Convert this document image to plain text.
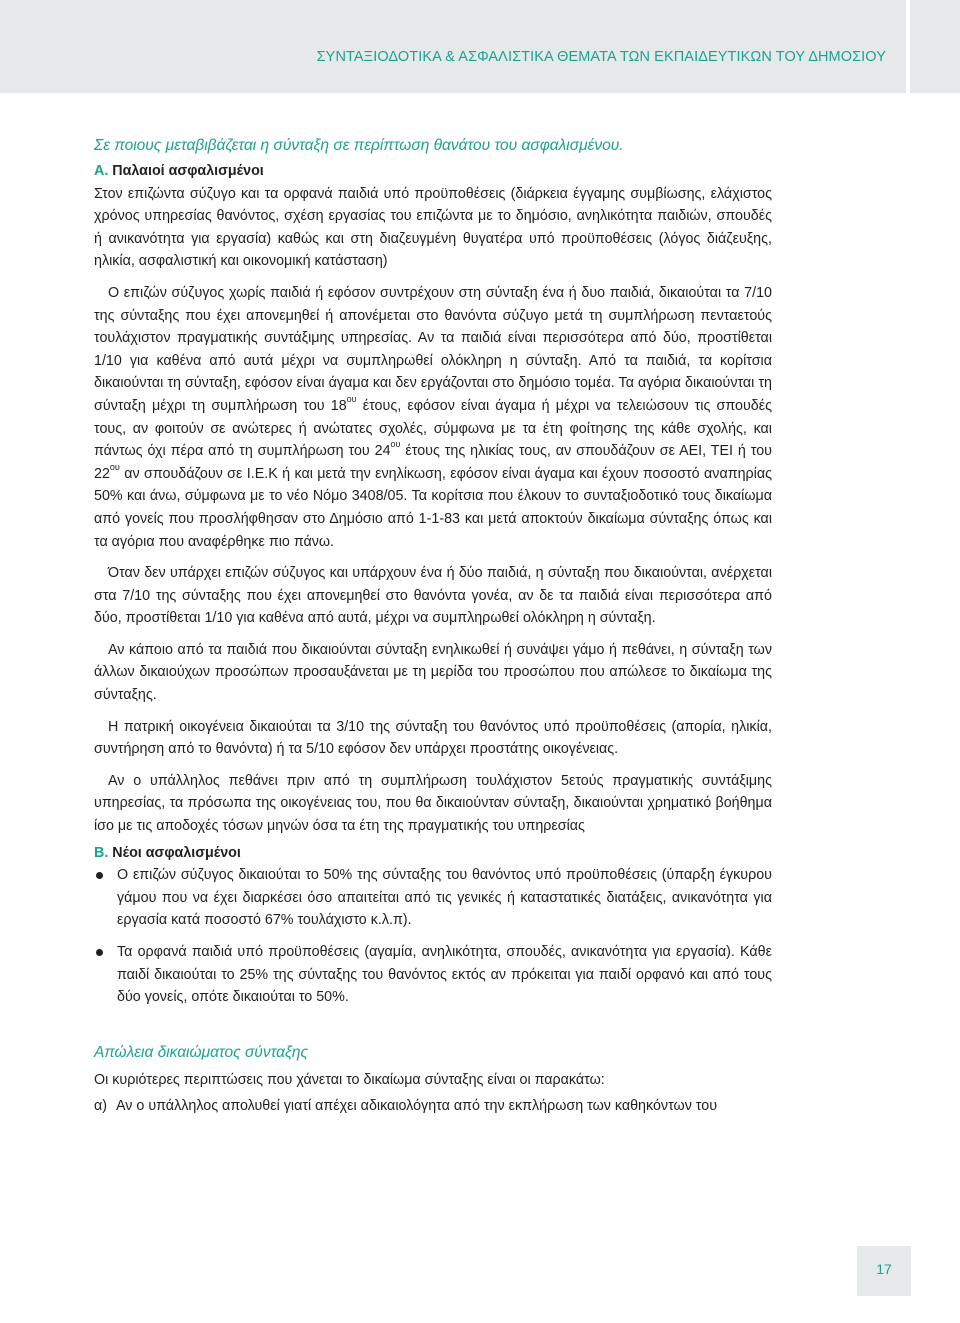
ΣΥΝΤΑΞΙΟΔΟΤΙΚΑ & ΑΣΦΑΛΙΣΤΙΚΑ ΘΕΜΑΤΑ ΤΩΝ ΕΚΠΑΙΔΕΥΤΙΚΩΝ ΤΟΥ ΔΗΜΟΣΙΟΥ
Σε ποιους μεταβιβάζεται η σύνταξη σε περίπτωση θανάτου του ασφαλισμένου.
Α. Παλαιοί ασφαλισμένοι

Στον επιζώντα σύζυγο και τα ορφανά παιδιά υπό προϋποθέσεις (διάρκεια έγγαμης συμβίωσης, ελάχιστος χρόνος υπηρεσίας θανόντος, σχέση εργασίας του επιζώντα με το δημόσιο, ανηλικότητα παιδιών, σπουδές ή ανικανότητα για εργασία) καθώς και στη διαζευγμένη θυγατέρα υπό προϋποθέσεις (λόγος διάζευξης, ηλικία, ασφαλιστική και οικονομική κατάσταση)

Ο επιζών σύζυγος χωρίς παιδιά ή εφόσον συντρέχουν στη σύνταξη ένα ή δυο παιδιά, δικαιούται τα 7/10 της σύνταξης που έχει απονεμηθεί ή απονέμεται στο θανόντα σύζυγο μετά τη συμπλήρωση πενταετούς τουλάχιστον πραγματικής συντάξιμης υπηρεσίας. Αν τα παιδιά είναι περισσότερα από δύο, προστίθεται 1/10 για καθένα από αυτά μέχρι να συμπληρωθεί ολόκληρη η σύνταξη. Από τα παιδιά, τα κορίτσια δικαιούνται τη σύνταξη, εφόσον είναι άγαμα και δεν εργάζονται στο δημόσιο τομέα. Τα αγόρια δικαιούνται τη σύνταξη μέχρι τη συμπλήρωση του $18^{o\upsilon}$ έτους, εφόσον είναι άγαμα ή μέχρι να τελειώσουν τις σπουδές τους, αν φοιτούν σε ανώτερες ή ανώτατες σχολές, σύμφωνα με τα έτη φοίτησης της κάθε σχολής, και πάντως όχι πέρα από τη συμπλήρωση του $24^{o\upsilon}$ έτους της ηλικίας τους, αν σπουδάζουν σε ΑΕΙ, ΤΕΙ ή του $22^{o\upsilon}$ αν σπουδάζουν σε Ι.Ε.Κ ή και μετά την ενηλίκωση, εφόσον είναι άγαμα και έχουν ποσοστό αναπηρίας 50% και άνω, σύμφωνα με το νέο Νόμο 3408/05. Τα κορίτσια που έλκουν το συνταξιοδοτικό τους δικαίωμα από γονείς που προσλήφθησαν στο Δημόσιο από 1-1-83 και μετά αποκτούν δικαίωμα σύνταξης όπως και τα αγόρια που αναφέρθηκε πιο πάνω.

Όταν δεν υπάρχει επιζών σύζυγος και υπάρχουν ένα ή δύο παιδιά, η σύνταξη που δικαιούνται, ανέρχεται στα 7/10 της σύνταξης που έχει απονεμηθεί στο θανόντα γονέα, αν δε τα παιδιά είναι περισσότερα από δύο, προστίθεται 1/10 για καθένα από αυτά, μέχρι να συμπληρωθεί ολόκληρη η σύνταξη.

Αν κάποιο από τα παιδιά που δικαιούνται σύνταξη ενηλικωθεί ή συνάψει γάμο ή πεθάνει, η σύνταξη των άλλων δικαιούχων προσώπων προσαυξάνεται με τη μερίδα του προσώπου που απώλεσε το δικαίωμα της σύνταξης.

Η πατρική οικογένεια δικαιούται τα 3/10 της σύνταξη του θανόντος υπό προϋποθέσεις (απορία, ηλικία, συντήρηση από το θανόντα) ή τα 5/10 εφόσον δεν υπάρχει προστάτης οικογένειας.

Αν ο υπάλληλος πεθάνει πριν από τη συμπλήρωση τουλάχιστον 5ετούς πραγματικής συντάξιμης υπηρεσίας, τα πρόσωπα της οικογένειας του, που θα δικαιούνταν σύνταξη, δικαιούνται χρηματικό βοήθημα ίσο με τις αποδοχές τόσων μηνών όσα τα έτη της πραγματικής του υπηρεσίας

Β. Νέοι ασφαλισμένοι
Ο επιζών σύζυγος δικαιούται το 50% της σύνταξης του θανόντος υπό προϋποθέσεις (ύπαρξη έγκυρου γάμου που να έχει διαρκέσει όσο απαιτείται από τις γενικές ή καταστατικές διατάξεις, ανικανότητα για εργασία κατά ποσοστό 67% τουλάχιστο κ.λ.π).
Τα ορφανά παιδιά υπό προϋποθέσεις (αγαμία, ανηλικότητα, σπουδές, ανικανότητα για εργασία). Κάθε παιδί δικαιούται το 25% της σύνταξης του θανόντος εκτός αν πρόκειται για παιδί ορφανό και από τους δύο γονείς, οπότε δικαιούται το 50%.
Απώλεια δικαιώματος σύνταξης

Οι κυριότερες περιπτώσεις που χάνεται το δικαίωμα σύνταξης είναι οι παρακάτω:

α) Αν ο υπάλληλος απολυθεί γιατί απέχει αδικαιολόγητα από την εκπλήρωση των καθηκόντων του

17
